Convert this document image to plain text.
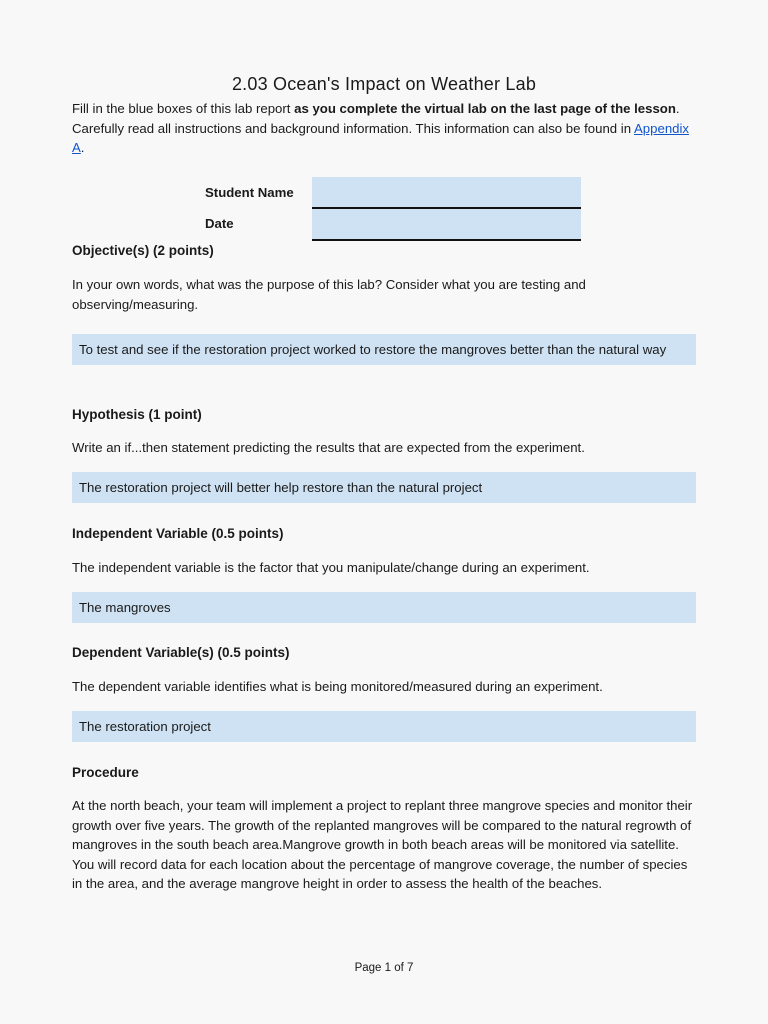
2.03 Ocean's Impact on Weather Lab
Fill in the blue boxes of this lab report as you complete the virtual lab on the last page of the lesson. Carefully read all instructions and background information. This information can also be found in Appendix A.
Student Name
Date
Objective(s) (2 points)
In your own words, what was the purpose of this lab? Consider what you are testing and observing/measuring.
To test and see if the restoration project worked to restore the mangroves better than the natural way
Hypothesis (1 point)
Write an if...then statement predicting the results that are expected from the experiment.
The restoration project will better help restore than the natural project
Independent Variable (0.5 points)
The independent variable is the factor that you manipulate/change during an experiment.
The mangroves
Dependent Variable(s) (0.5 points)
The dependent variable identifies what is being monitored/measured during an experiment.
The restoration project
Procedure
At the north beach, your team will implement a project to replant three mangrove species and monitor their growth over five years. The growth of the replanted mangroves will be compared to the natural regrowth of mangroves in the south beach area.Mangrove growth in both beach areas will be monitored via satellite. You will record data for each location about the percentage of mangrove coverage, the number of species in the area, and the average mangrove height in order to assess the health of the beaches.
Page 1 of 7
